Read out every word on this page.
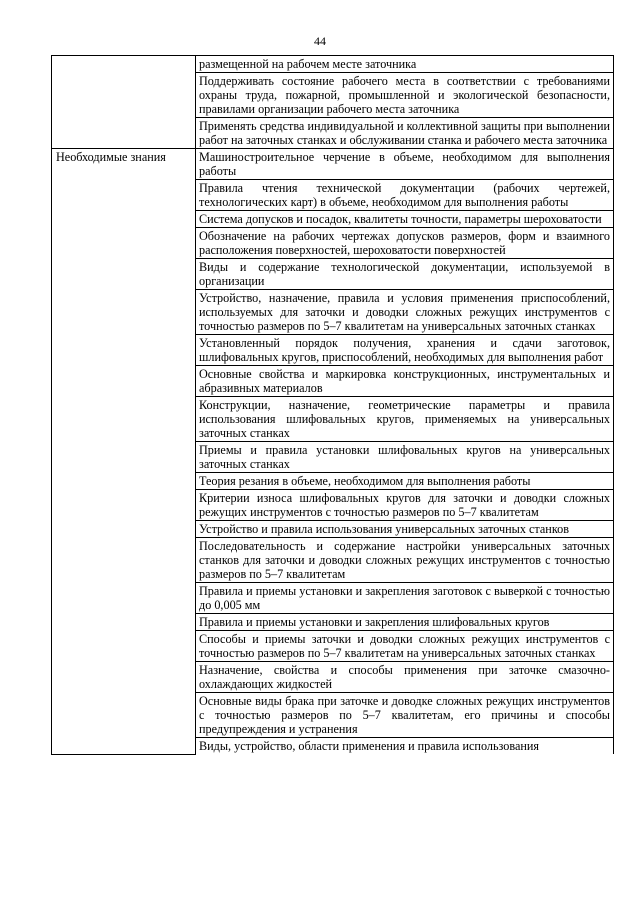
44
	размещенной на рабочем месте заточника
	Поддерживать состояние рабочего места в соответствии с требованиями охраны труда, пожарной, промышленной и экологической безопасности, правилами организации рабочего места заточника
	Применять средства индивидуальной и коллективной защиты при выполнении работ на заточных станках и обслуживании станка и рабочего места заточника
Необходимые знания	Машиностроительное черчение в объеме, необходимом для выполнения работы
	Правила чтения технической документации (рабочих чертежей, технологических карт) в объеме, необходимом для выполнения работы
	Система допусков и посадок, квалитеты точности, параметры шероховатости
	Обозначение на рабочих чертежах допусков размеров, форм и взаимного расположения поверхностей, шероховатости поверхностей
	Виды и содержание технологической документации, используемой в организации
	Устройство, назначение, правила и условия применения приспособлений, используемых для заточки и доводки сложных режущих инструментов с точностью размеров по 5–7 квалитетам на универсальных заточных станках
	Установленный порядок получения, хранения и сдачи заготовок, шлифовальных кругов, приспособлений, необходимых для выполнения работ
	Основные свойства и маркировка конструкционных, инструментальных и абразивных материалов
	Конструкции, назначение, геометрические параметры и правила использования шлифовальных кругов, применяемых на универсальных заточных станках
	Приемы и правила установки шлифовальных кругов на универсальных заточных станках
	Теория резания в объеме, необходимом для выполнения работы
	Критерии износа шлифовальных кругов для заточки и доводки сложных режущих инструментов с точностью размеров по 5–7 квалитетам
	Устройство и правила использования универсальных заточных станков
	Последовательность и содержание настройки универсальных заточных станков для заточки и доводки сложных режущих инструментов с точностью размеров по 5–7 квалитетам
	Правила и приемы установки и закрепления заготовок с выверкой с точностью до 0,005 мм
	Правила и приемы установки и закрепления шлифовальных кругов
	Способы и приемы заточки и доводки сложных режущих инструментов с точностью размеров по 5–7 квалитетам на универсальных заточных станках
	Назначение, свойства и способы применения при заточке смазочно-охлаждающих жидкостей
	Основные виды брака при заточке и доводке сложных режущих инструментов с точностью размеров по 5–7 квалитетам, его причины и способы предупреждения и устранения
	Виды, устройство, области применения и правила использования
